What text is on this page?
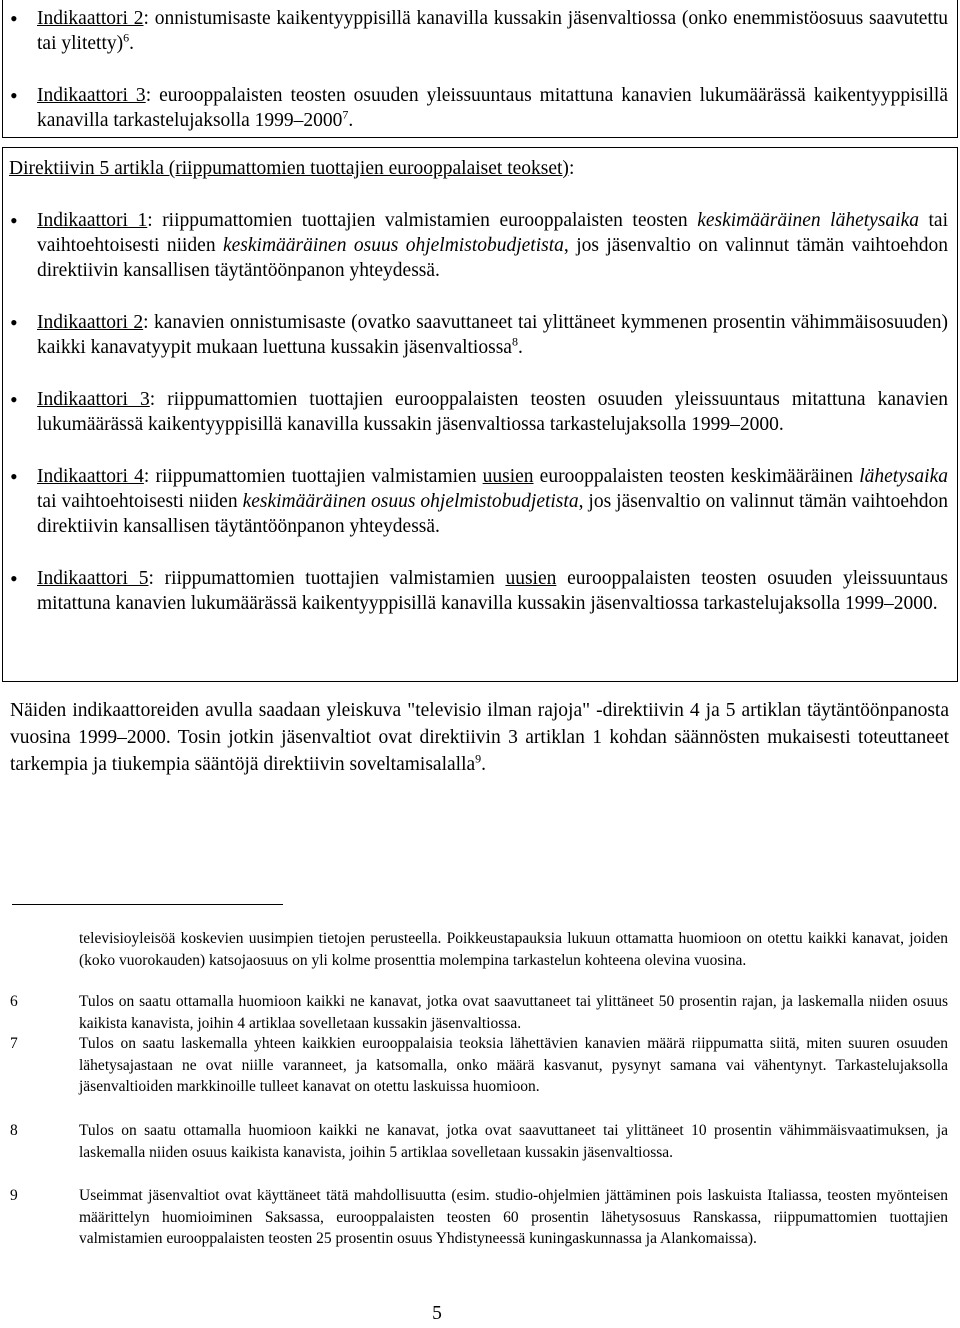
• Indikaattori 2: onnistumisaste kaikentyyppisillä kanavilla kussakin jäsenvaltiossa (onko enemmistöosuus saavutettu tai ylitetty)$^6$.
• Indikaattori 3: eurooppalaisten teosten osuuden yleissuuntaus mitattuna kanavien lukumäärässä kaikentyyppisillä kanavilla tarkastelujaksolla 1999–2000$^7$.

Direktiivin 5 artikla (riippumattomien tuottajien eurooppalaiset teokset):

• Indikaattori 1: riippumattomien tuottajien valmistamien eurooppalaisten teosten keskimääräinen lähetysaika tai vaihtoehtoisesti niiden keskimääräinen osuus ohjelmistobudjetista, jos jäsenvaltio on valinnut tämän vaihtoehdon direktiivin kansallisen täytäntöönpanon yhteydessä.
• Indikaattori 2: kanavien onnistumisaste (ovatko saavuttaneet tai ylittäneet kymmenen prosentin vähimmäisosuuden) kaikki kanavatyypit mukaan luettuna kussakin jäsenvaltiossa$^8$.
• Indikaattori 3: riippumattomien tuottajien eurooppalaisten teosten osuuden yleissuuntaus mitattuna kanavien lukumäärässä kaikentyyppisillä kanavilla kussakin jäsenvaltiossa tarkastelujaksolla 1999–2000.
• Indikaattori 4: riippumattomien tuottajien valmistamien uusien eurooppalaisten teosten keskimääräinen lähetysaika tai vaihtoehtoisesti niiden keskimääräinen osuus ohjelmistobudjetista, jos jäsenvaltio on valinnut tämän vaihtoehdon direktiivin kansallisen täytäntöönpanon yhteydessä.
• Indikaattori 5: riippumattomien tuottajien valmistamien uusien eurooppalaisten teosten osuuden yleissuuntaus mitattuna kanavien lukumäärässä kaikentyyppisillä kanavilla kussakin jäsenvaltiossa tarkastelujaksolla 1999–2000.

Näiden indikaattoreiden avulla saadaan yleiskuva "televisio ilman rajoja" -direktiivin 4 ja 5 artiklan täytäntöönpanosta vuosina 1999–2000. Tosin jotkin jäsenvaltiot ovat direktiivin 3 artiklan 1 kohdan säännösten mukaisesti toteuttaneet tarkempia ja tiukempia sääntöjä direktiivin soveltamisalalla$^9$.

televisioyleisöä koskevien uusimpien tietojen perusteella. Poikkeustapauksia lukuun ottamatta huomioon on otettu kaikki kanavat, joiden (koko vuorokauden) katsojaosuus on yli kolme prosenttia molempina tarkastelun kohteena olevina vuosina.
6	Tulos on saatu ottamalla huomioon kaikki ne kanavat, jotka ovat saavuttaneet tai ylittäneet 50 prosentin rajan, ja laskemalla niiden osuus kaikista kanavista, joihin 4 artiklaa sovelletaan kussakin jäsenvaltiossa.
7	Tulos on saatu laskemalla yhteen kaikkien eurooppalaisia teoksia lähettävien kanavien määrä riippumatta siitä, miten suuren osuuden lähetysajastaan ne ovat niille varanneet, ja katsomalla, onko määrä kasvanut, pysynyt samana vai vähentynyt. Tarkastelujaksolla jäsenvaltioiden markkinoille tulleet kanavat on otettu laskuissa huomioon.
8	Tulos on saatu ottamalla huomioon kaikki ne kanavat, jotka ovat saavuttaneet tai ylittäneet 10 prosentin vähimmäisvaatimuksen, ja laskemalla niiden osuus kaikista kanavista, joihin 5 artiklaa sovelletaan kussakin jäsenvaltiossa.
9	Useimmat jäsenvaltiot ovat käyttäneet tätä mahdollisuutta (esim. studio-ohjelmien jättäminen pois laskuista Italiassa, teosten myönteisen määrittelyn huomioiminen Saksassa, eurooppalaisten teosten 60 prosentin lähetysosuus Ranskassa, riippumattomien tuottajien valmistamien eurooppalaisten teosten 25 prosentin osuus Yhdistyneessä kuningaskunnassa ja Alankomaissa).
5
